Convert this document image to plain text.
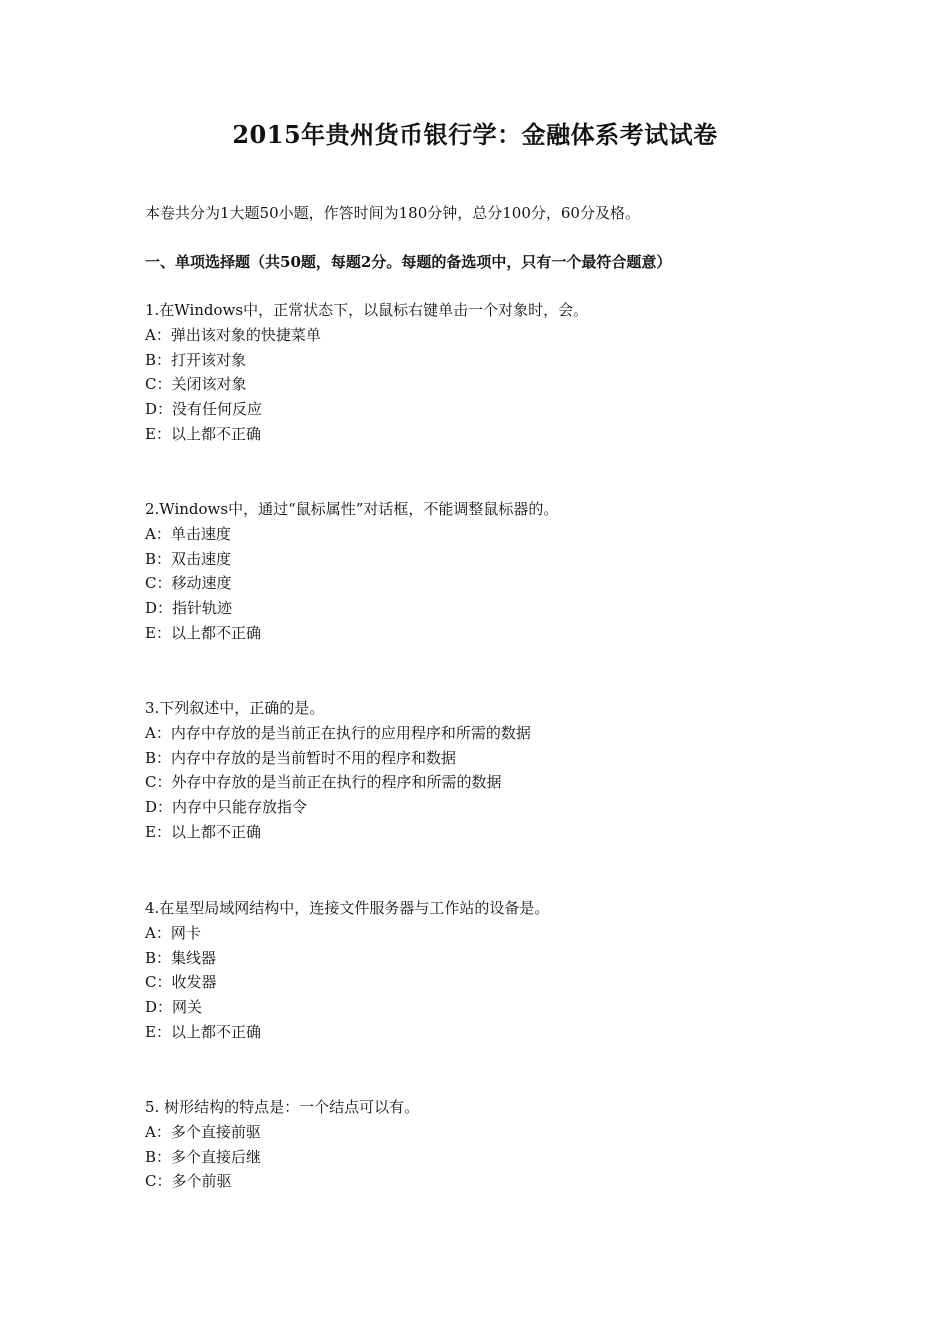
2015年贵州货币银行学：金融体系考试试卷
本卷共分为1大题50小题，作答时间为180分钟，总分100分，60分及格。
一、单项选择题（共50题，每题2分。每题的备选项中，只有一个最符合题意）
1.在Windows中，正常状态下，以鼠标右键单击一个对象时，会。
A：弹出该对象的快捷菜单
B：打开该对象
C：关闭该对象
D：没有任何反应
E：以上都不正确
2.Windows中，通过“鼠标属性”对话框，不能调整鼠标器的。
A：单击速度
B：双击速度
C：移动速度
D：指针轨迹
E：以上都不正确
3.下列叙述中，正确的是。
A：内存中存放的是当前正在执行的应用程序和所需的数据
B：内存中存放的是当前暂时不用的程序和数据
C：外存中存放的是当前正在执行的程序和所需的数据
D：内存中只能存放指令
E：以上都不正确
4.在星型局域网结构中，连接文件服务器与工作站的设备是。
A：网卡
B：集线器
C：收发器
D：网关
E：以上都不正确
5. 树形结构的特点是：一个结点可以有。
A：多个直接前驱
B：多个直接后继
C：多个前驱
